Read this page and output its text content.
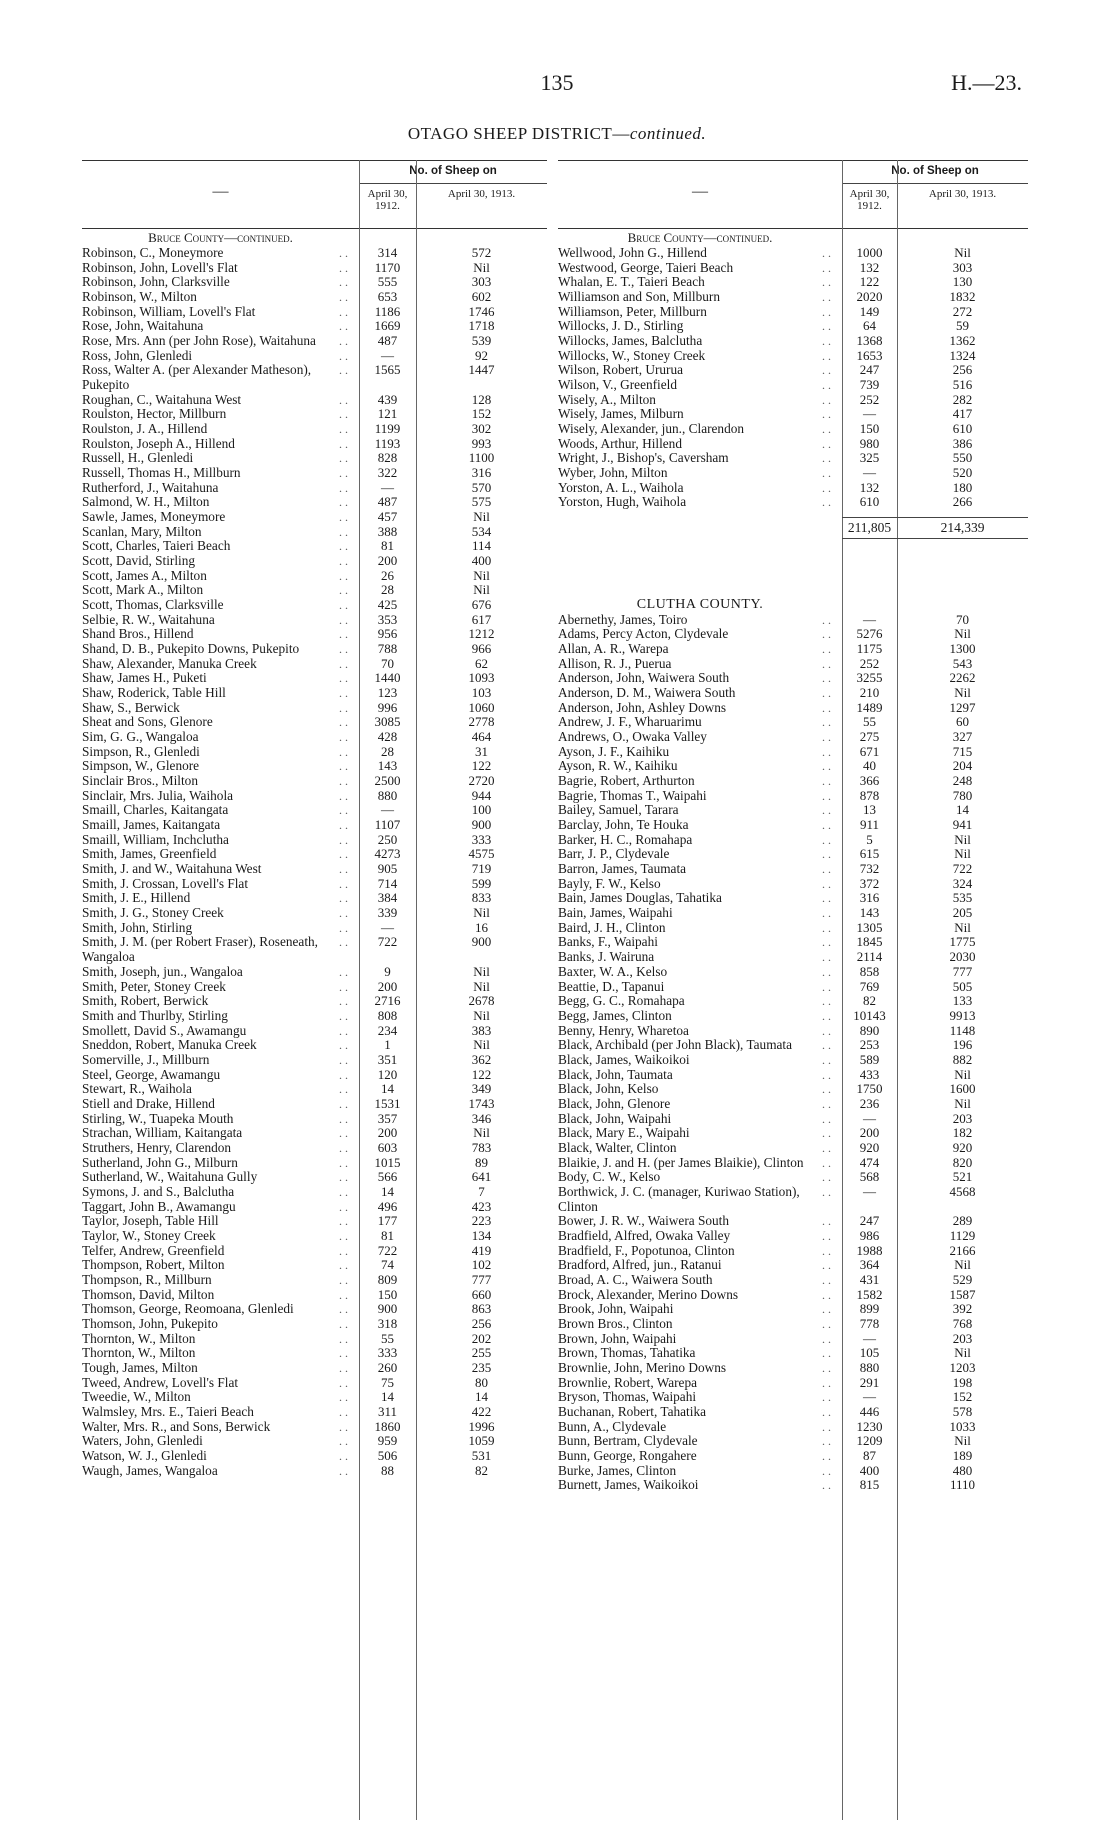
135	H.—23.
OTAGO SHEEP DISTRICT—continued.
—
No. of Sheep on
April 30, 1912.
April 30, 1913.
Bruce County—continued.
Robinson, C., Moneymore	. .	314	572
Robinson, John, Lovell's Flat	. .	1170	Nil
Robinson, John, Clarksville	. .	555	303
Robinson, W., Milton	. .	653	602
Robinson, William, Lovell's Flat	. .	1186	1746
Rose, John, Waitahuna	. .	1669	1718
Rose, Mrs. Ann (per John Rose), Waitahuna . .	487	539
Ross, John, Glenledi	. .	—	92
Ross, Walter A. (per Alexander Matheson), . .	1565	1447
Pukepito
Roughan, C., Waitahuna West	. .	439	128
Roulston, Hector, Millburn	. .	121	152
Roulston, J. A., Hillend	. .	1199	302
Roulston, Joseph A., Hillend	. .	1193	993
Russell, H., Glenledi	. .	828	1100
Russell, Thomas H., Millburn	. .	322	316
Rutherford, J., Waitahuna	. .	—	570
Salmond, W. H., Milton	. .	487	575
Sawle, James, Moneymore	. .	457	Nil
Scanlan, Mary, Milton	. .	388	534
Scott, Charles, Taieri Beach	. .	81	114
Scott, David, Stirling	. .	200	400
Scott, James A., Milton	. .	26	Nil
Scott, Mark A., Milton	. .	28	Nil
Scott, Thomas, Clarksville	. .	425	676
Selbie, R. W., Waitahuna	. .	353	617
Shand Bros., Hillend	. .	956	1212
Shand, D. B., Pukepito Downs, Pukepito	. .	788	966
Shaw, Alexander, Manuka Creek	. .	70	62
Shaw, James H., Puketi	. .	1440	1093
Shaw, Roderick, Table Hill	. .	123	103
Shaw, S., Berwick	. .	996	1060
Sheat and Sons, Glenore	. .	3085	2778
Sim, G. G., Wangaloa	. .	428	464
Simpson, R., Glenledi	. .	28	31
Simpson, W., Glenore	. .	143	122
Sinclair Bros., Milton	. .	2500	2720
Sinclair, Mrs. Julia, Waihola	. .	880	944
Smaill, Charles, Kaitangata	. .	—	100
Smaill, James, Kaitangata	. .	1107	900
Smaill, William, Inchclutha	. .	250	333
Smith, James, Greenfield	. .	4273	4575
Smith, J. and W., Waitahuna West	. .	905	719
Smith, J. Crossan, Lovell's Flat	. .	714	599
Smith, J. E., Hillend	. .	384	833
Smith, J. G., Stoney Creek	. .	339	Nil
Smith, John, Stirling	. .	—	16
Smith, J. M. (per Robert Fraser), Roseneath, . .	722	900
Wangaloa
Smith, Joseph, jun., Wangaloa	. .	9	Nil
Smith, Peter, Stoney Creek	. .	200	Nil
Smith, Robert, Berwick	. .	2716	2678
Smith and Thurlby, Stirling	. .	808	Nil
Smollett, David S., Awamangu	. .	234	383
Sneddon, Robert, Manuka Creek	. .	1	Nil
Somerville, J., Millburn	. .	351	362
Steel, George, Awamangu	. .	120	122
Stewart, R., Waihola	. .	14	349
Stiell and Drake, Hillend	. .	1531	1743
Stirling, W., Tuapeka Mouth	. .	357	346
Strachan, William, Kaitangata	. .	200	Nil
Struthers, Henry, Clarendon	. .	603	783
Sutherland, John G., Milburn	. .	1015	89
Sutherland, W., Waitahuna Gully	. .	566	641
Symons, J. and S., Balclutha	. .	14	7
Taggart, John B., Awamangu	. .	496	423
Taylor, Joseph, Table Hill	. .	177	223
Taylor, W., Stoney Creek	. .	81	134
Telfer, Andrew, Greenfield	. .	722	419
Thompson, Robert, Milton	. .	74	102
Thompson, R., Millburn	. .	809	777
Thomson, David, Milton	. .	150	660
Thomson, George, Reomoana, Glenledi	. .	900	863
Thomson, John, Pukepito	. .	318	256
Thornton, W., Milton	. .	55	202
Thornton, W., Milton	. .	333	255
Tough, James, Milton	. .	260	235
Tweed, Andrew, Lovell's Flat	. .	75	80
Tweedie, W., Milton	. .	14	14
Walmsley, Mrs. E., Taieri Beach	. .	311	422
Walter, Mrs. R., and Sons, Berwick	. .	1860	1996
Waters, John, Glenledi	. .	959	1059
Watson, W. J., Glenledi	. .	506	531
Waugh, James, Wangaloa	. .	88	82
—
No. of Sheep on
April 30, 1912.
April 30, 1913.
Bruce County—continued.
Wellwood, John G., Hillend	. .	1000	Nil
Westwood, George, Taieri Beach	. .	132	303
Whalan, E. T., Taieri Beach	. .	122	130
Williamson and Son, Millburn	. .	2020	1832
Williamson, Peter, Millburn	. .	149	272
Willocks, J. D., Stirling	. .	64	59
Willocks, James, Balclutha	. .	1368	1362
Willocks, W., Stoney Creek	. .	1653	1324
Wilson, Robert, Ururua	. .	247	256
Wilson, V., Greenfield	. .	739	516
Wisely, A., Milton	. .	252	282
Wisely, James, Milburn	. .	—	417
Wisely, Alexander, jun., Clarendon	. .	150	610
Woods, Arthur, Hillend	. .	980	386
Wright, J., Bishop's, Caversham	. .	325	550
Wyber, John, Milton	. .	—	520
Yorston, A. L., Waihola	. .	132	180
Yorston, Hugh, Waihola	. .	610	266
211,805	214,339
CLUTHA COUNTY.
Abernethy, James, Toiro	. .	—	70
Adams, Percy Acton, Clydevale	. .	5276	Nil
Allan, A. R., Warepa	. .	1175	1300
Allison, R. J., Puerua	. .	252	543
Anderson, John, Waiwera South	. .	3255	2262
Anderson, D. M., Waiwera South	. .	210	Nil
Anderson, John, Ashley Downs	. .	1489	1297
Andrew, J. F., Wharuarimu	. .	55	60
Andrews, O., Owaka Valley	. .	275	327
Ayson, J. F., Kaihiku	. .	671	715
Ayson, R. W., Kaihiku	. .	40	204
Bagrie, Robert, Arthurton	. .	366	248
Bagrie, Thomas T., Waipahi	. .	878	780
Bailey, Samuel, Tarara	. .	13	14
Barclay, John, Te Houka	. .	911	941
Barker, H. C., Romahapa	. .	5	Nil
Barr, J. P., Clydevale	. .	615	Nil
Barron, James, Taumata	. .	732	722
Bayly, F. W., Kelso	. .	372	324
Bain, James Douglas, Tahatika	. .	316	535
Bain, James, Waipahi	. .	143	205
Baird, J. H., Clinton	. .	1305	Nil
Banks, F., Waipahi	. .	1845	1775
Banks, J. Wairuna	. .	2114	2030
Baxter, W. A., Kelso	. .	858	777
Beattie, D., Tapanui	. .	769	505
Begg, G. C., Romahapa	. .	82	133
Begg, James, Clinton	. .	10143	9913
Benny, Henry, Wharetoa	. .	890	1148
Black, Archibald (per John Black), Taumata . .	253	196
Black, James, Waikoikoi	. .	589	882
Black, John, Taumata	. .	433	Nil
Black, John, Kelso	. .	1750	1600
Black, John, Glenore	. .	236	Nil
Black, John, Waipahi	. .	—	203
Black, Mary E., Waipahi	. .	200	182
Black, Walter, Clinton	. .	920	920
Blaikie, J. and H. (per James Blaikie), Clinton . .	474	820
Body, C. W., Kelso	. .	568	521
Borthwick, J. C. (manager, Kuriwao Station), . .	—	4568
Clinton
Bower, J. R. W., Waiwera South	. .	247	289
Bradfield, Alfred, Owaka Valley	. .	986	1129
Bradfield, F., Popotunoa, Clinton	. .	1988	2166
Bradford, Alfred, jun., Ratanui	. .	364	Nil
Broad, A. C., Waiwera South	. .	431	529
Brock, Alexander, Merino Downs	. .	1582	1587
Brook, John, Waipahi	. .	899	392
Brown Bros., Clinton	. .	778	768
Brown, John, Waipahi	. .	—	203
Brown, Thomas, Tahatika	. .	105	Nil
Brownlie, John, Merino Downs	. .	880	1203
Brownlie, Robert, Warepa	. .	291	198
Bryson, Thomas, Waipahi	. .	—	152
Buchanan, Robert, Tahatika	. .	446	578
Bunn, A., Clydevale	. .	1230	1033
Bunn, Bertram, Clydevale	. .	1209	Nil
Bunn, George, Rongahere	. .	87	189
Burke, James, Clinton	. .	400	480
Burnett, James, Waikoikoi	. .	815	1110
